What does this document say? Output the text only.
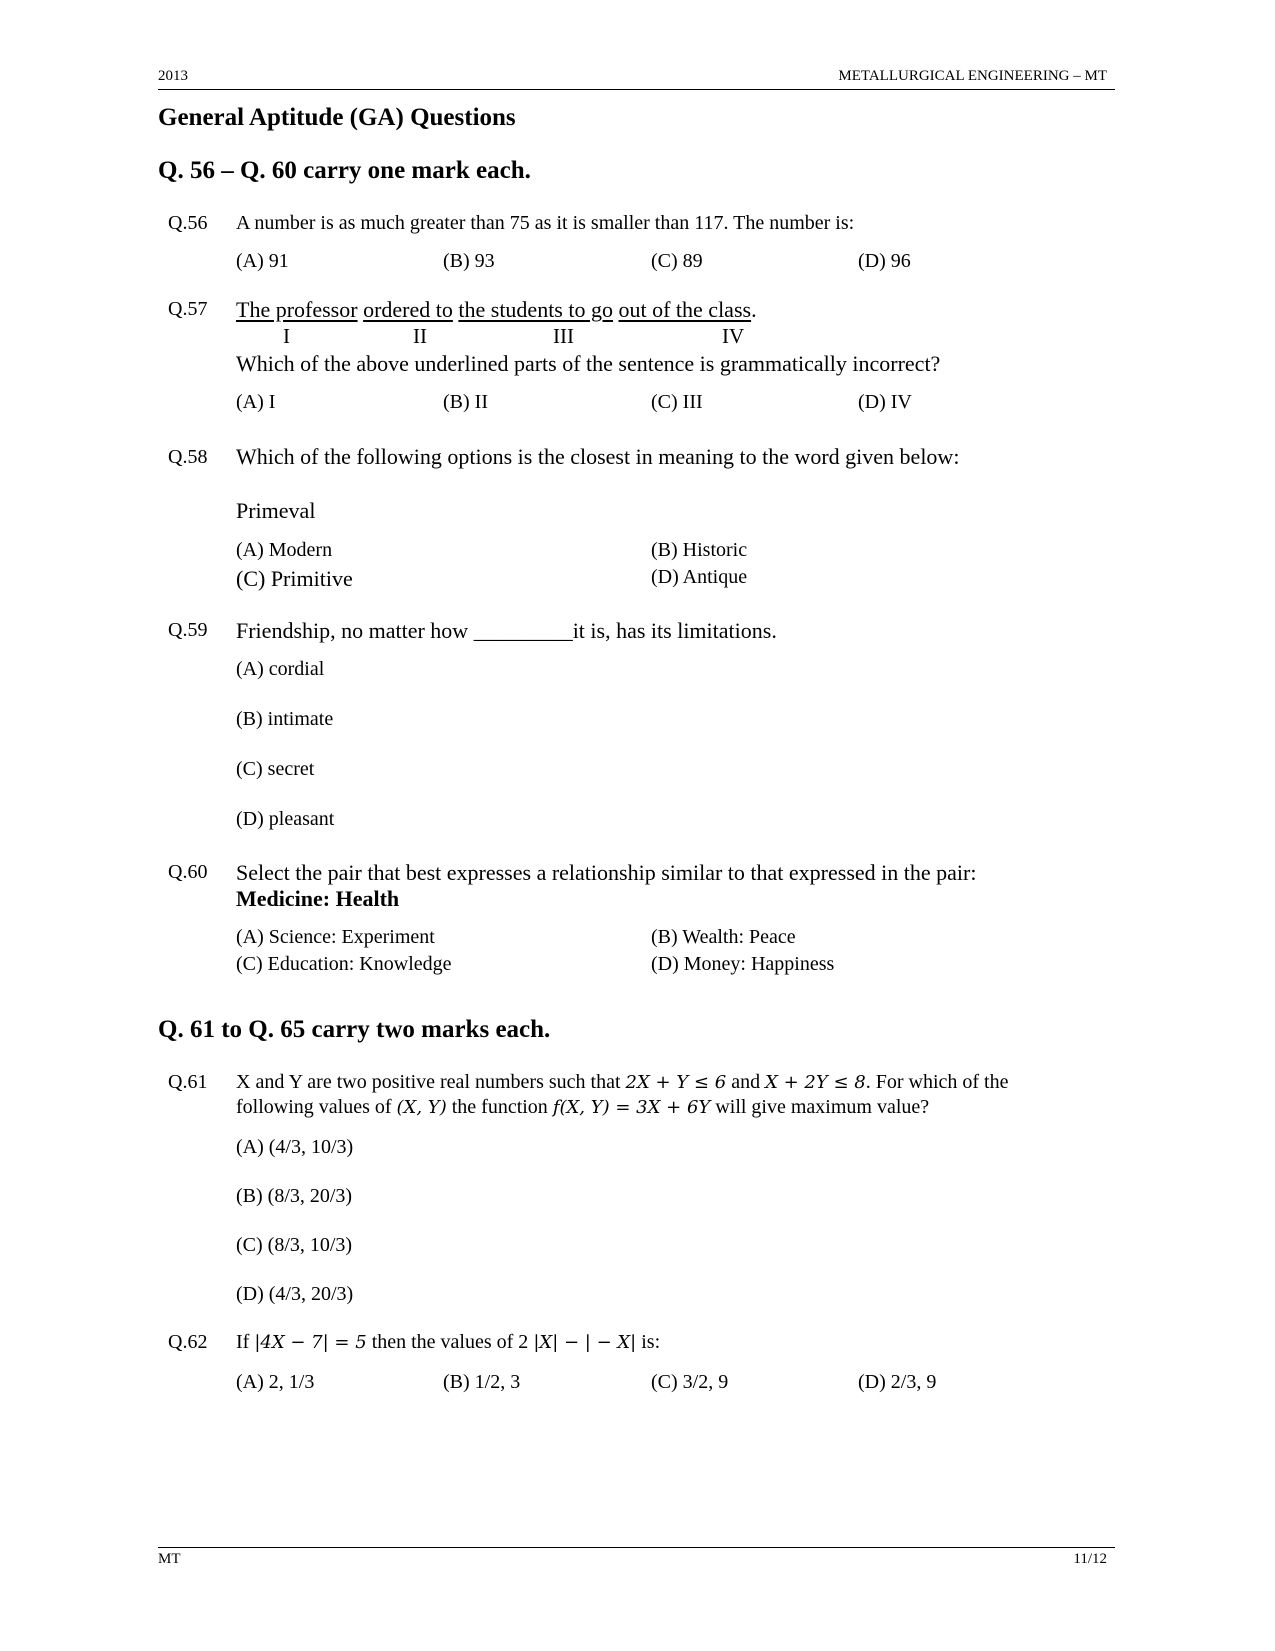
2013	METALLURGICAL ENGINEERING – MT
General Aptitude (GA) Questions
Q. 56 – Q. 60 carry one mark each.
Q.56 A number is as much greater than 75 as it is smaller than 117. The number is:
(A) 91	(B) 93	(C) 89	(D) 96
Q.57 The professor ordered to the students to go out of the class.
I	II	III	IV
Which of the above underlined parts of the sentence is grammatically incorrect?
(A) I	(B) II	(C) III	(D) IV
Q.58 Which of the following options is the closest in meaning to the word given below:
Primeval
(A) Modern	(B) Historic
(C) Primitive	(D) Antique
Q.59 Friendship, no matter how _________it is, has its limitations.
(A) cordial
(B) intimate
(C) secret
(D) pleasant
Q.60 Select the pair that best expresses a relationship similar to that expressed in the pair:
Medicine: Health
(A) Science: Experiment	(B) Wealth: Peace
(C) Education: Knowledge	(D) Money: Happiness
Q. 61 to Q. 65 carry two marks each.
Q.61 X and Y are two positive real numbers such that 2X + Y ≤ 6 and X + 2Y ≤ 8. For which of the
following values of (X, Y) the function f(X, Y) = 3X + 6Y will give maximum value?
(A) (4/3, 10/3)
(B) (8/3, 20/3)
(C) (8/3, 10/3)
(D) (4/3, 20/3)
Q.62 If |4X − 7| = 5 then the values of 2 |X| − | − X| is:
(A) 2, 1/3	(B) 1/2, 3	(C) 3/2, 9	(D) 2/3, 9
MT	11/12
